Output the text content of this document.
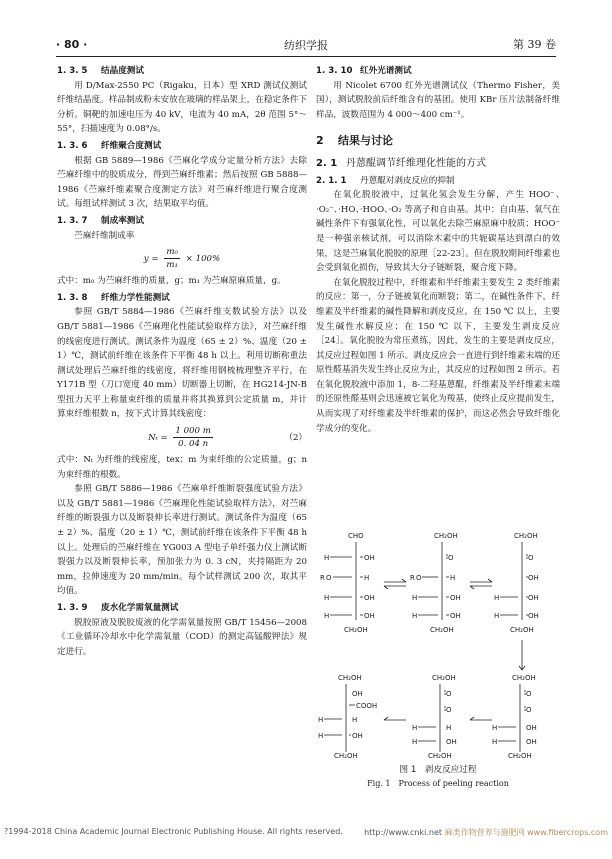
· 80 ·	纺织学报	第 39 卷
1. 3. 5 结晶度测试

用 D/Max-2550 PC（Rigaku，日本）型 XRD 测试仪测试纤维结晶度。样品制成粉末安放在玻璃的样品架上，在稳定条件下分析。铜靶的加速电压为 40 kV，电流为 40 mA，2θ 范围 5°～55°，扫描速度为 0.08°/s。

1. 3. 6 纤维聚合度测试

根据 GB 5889—1986《苎麻化学成分定量分析方法》去除苎麻纤维中的胶质成分，得到苎麻纤维素；然后按照 GB 5888—1986《苎麻纤维素聚合度测定方法》对苎麻纤维进行聚合度测试。每组试样测试 3 次，结果取平均值。

1. 3. 7 制成率测试

苎麻纤维制成率

$y = \frac{\text{m₀}}{\text{m₁}} \times 100\%$

式中：m₀ 为苎麻纤维的质量，g；m₁ 为苎麻原麻质量，g。

1. 3. 8 纤维力学性能测试

参照 GB/T 5884—1986《苎麻纤维支数试验方法》以及 GB/T 5881—1986《苎麻理化性能试验取样方法》，对苎麻纤维的线密度进行测试。测试条件为温度（65 ± 2）%、温度（20 ± 1）℃，测试前纤维在该条件下平衡 48 h 以上。利用切断称重法测试处理后苎麻纤维的线密度，将纤维用钢梳梳理整齐平行，在 Y171B 型（刀口宽度 40 mm）切断器上切断，在 HG214-JN-B 型扭力天平上称量束纤维的质量并将其换算到公定质量 m，并计算束纤维根数 n，按下式计算其线密度：

$N_t = \frac{1 000 m}{0. 04 n}$	（2）

式中：Nₜ 为纤维的线密度，tex；m 为束纤维的公定质量，g；n 为束纤维的根数。

参照 GB/T 5886—1986《苎麻单纤维断裂强度试验方法》以及 GB/T 5881—1986《苎麻理化性能试验取样方法》，对苎麻纤维的断裂强力以及断裂伸长率进行测试。测试条件为温度（65 ± 2）%、温度（20 ± 1）℃，测试前纤维在该条件下平衡 48 h 以上。处理后的苎麻纤维在 YG003 A 型电子单纤强力仪上测试断裂强力以及断裂伸长率，预加张力为 0. 3 cN，夹持隔距为 20 mm，拉伸速度为 20 mm/min。每个试样测试 200 次，取其平均值。

1. 3. 9 废水化学需氧量测试

脱胶原液及脱胶废液的化学需氧量按照 GB/T 15456—2008《工业循环冷却水中化学需氧量（COD）的测定高锰酸钾法》规定进行。

1. 3. 10 红外光谱测试

用 Nicolet 6700 红外光谱测试仪（Thermo Fisher，美国），测试脱胶前后纤维含有的基团。使用 KBr 压片法制备纤维样品，波数范围为 4 000～400 cm⁻¹。

2 结果与讨论
2. 1 丹蒽醌调节纤维理化性能的方式
2. 1. 1 丹蒽醌对剥皮反应的抑制

在氧化脱胶液中，过氧化氢会发生分解，产生 HOO⁻、·O₂⁻、·HO、·HOO、·O₂ 等离子和自由基。其中：自由基、氧气在碱性条件下有强氧化性，可以氧化去除苎麻原麻中胶质；HOO⁻ 是一种强亲核试剂，可以消除木素中的共轭碳基达到漂白的效果，这是苎麻氧化脱胶的原理［22-23］。但在脱胶期间纤维素也会受到氧化损伤，导致其大分子链断裂，聚合度下降。

在氧化脱胶过程中，纤维素和半纤维素主要发生 2 类纤维素的反应：第一，分子链被氧化而断裂；第二，在碱性条件下，纤维素及半纤维素的碱性降解和剥皮反应。在 150 ℃ 以上，主要发生碱性水解反应；在 150 ℃ 以下，主要发生剥皮反应［24］。氧化脱胶为常压煮练，因此，发生的主要是剥皮反应，其反应过程如图 1 所示。剥皮反应会一直进行到纤维素末端的还原性醛基消失发生终止反应为止，其反应的过程如图 2 所示。若在氧化脱胶液中添加 1，8-二羟基蒽醌，纤维素及半纤维素末端的还原性醛基则会迅速被它氧化为羧基，使终止反应提前发生，从而实现了对纤维素及半纤维素的保护，而这必然会导致纤维化学成分的变化。

CHO
H	OH
R O	H
H	OH
H	OH
CH₂OH
CH₂OH
O
R O	H
H	OH
H	OH
CH₂OH
CH₂OH
O
OH
H	OH
H	OH
CH₂OH
CH₂OH
OH
COOH
H	H
H	OH
CH₂OH
CH₂OH
O
O
H	H
H	OH
CH₂OH
CH₂OH
O
O
H	OH
H	OH
CH₂OH
图 1　剥皮反应过程
Fig. 1　Process of peeling reaction
?1994-2018 China Academic Journal Electronic Publishing House. All rights reserved.	http://www.cnki.net 麻类作物营养与施肥网 www.fibercrops.com
